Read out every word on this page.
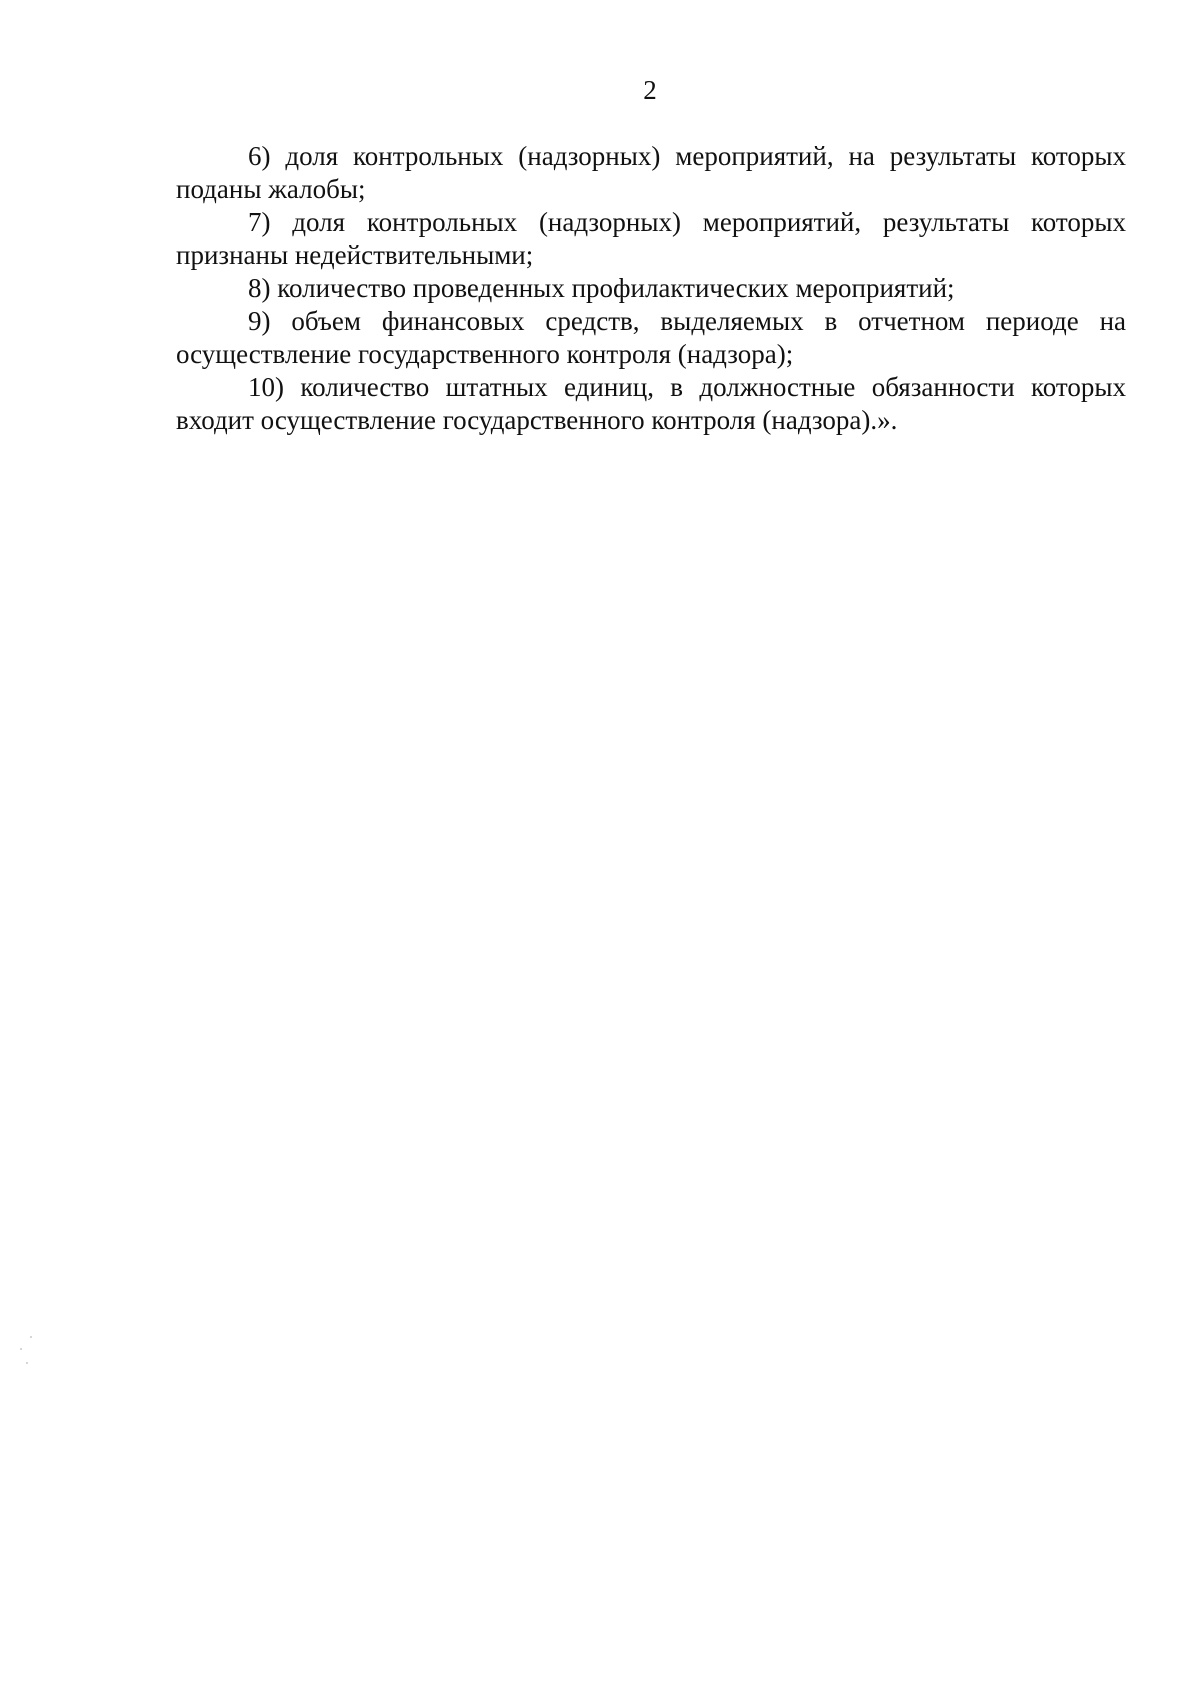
2

6) доля контрольных (надзорных) мероприятий, на результаты которых поданы жалобы;

7) доля контрольных (надзорных) мероприятий, результаты которых признаны недействительными;

8) количество проведенных профилактических мероприятий;

9) объем финансовых средств, выделяемых в отчетном периоде на осуществление государственного контроля (надзора);

10) количество штатных единиц, в должностные обязанности которых входит осуществление государственного контроля (надзора).».
